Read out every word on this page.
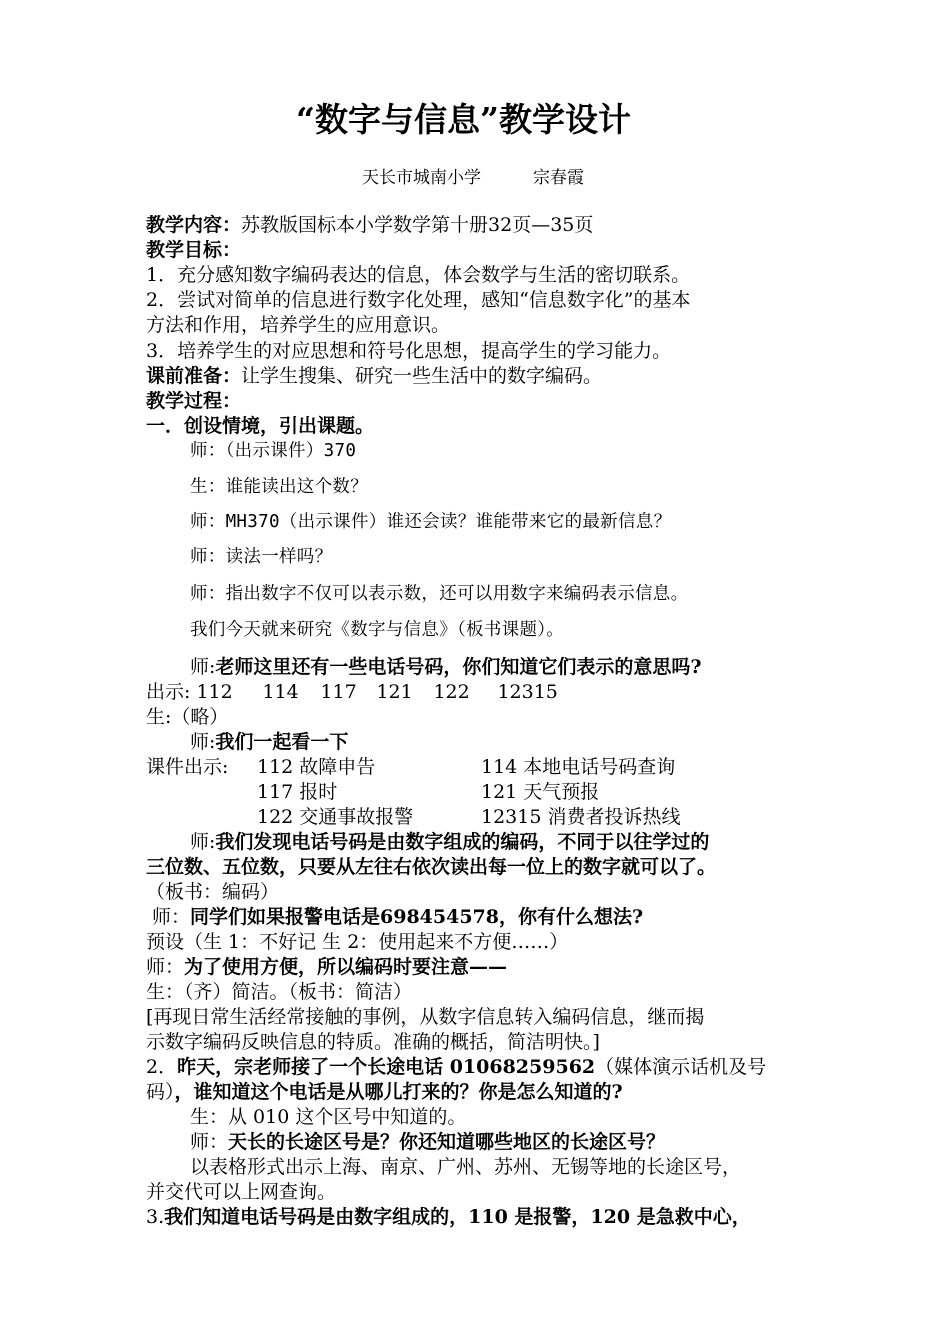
“数字与信息”教学设计
天长市城南小学	宗春霞
教学内容：苏教版国标本小学数学第十册32页—35页
教学目标：
1．充分感知数字编码表达的信息，体会数学与生活的密切联系。
2．尝试对简单的信息进行数字化处理，感知“信息数字化”的基本
方法和作用，培养学生的应用意识。
3．培养学生的对应思想和符号化思想，提高学生的学习能力。
课前准备：让学生搜集、研究一些生活中的数字编码。
教学过程：
一．创设情境，引出课题。
师：（出示课件）370
生：谁能读出这个数？
师：MH370（出示课件）谁还会读？谁能带来它的最新信息？
师：读法一样吗？
师：指出数字不仅可以表示数，还可以用数字来编码表示信息。
我们今天就来研究《数字与信息》（板书课题）。
师:老师这里还有一些电话号码，你们知道它们表示的意思吗?
出示: 112 114 117 121 122 12315
生:（略）
师:我们一起看一下
课件出示: 112 故障申告	114 本地电话号码查询
117 报时	121 天气预报
122 交通事故报警	12315 消费者投诉热线
师:我们发现电话号码是由数字组成的编码，不同于以往学过的
三位数、五位数，只要从左往右依次读出每一位上的数字就可以了。
（板书：编码）
师：同学们如果报警电话是698454578，你有什么想法?
预设（生 1：不好记 生 2：使用起来不方便……）
师：为了使用方便，所以编码时要注意——
生：（齐）简洁。（板书：简洁）
[再现日常生活经常接触的事例，从数字信息转入编码信息，继而揭
示数字编码反映信息的特质。准确的概括，简洁明快。]
2．昨天，宗老师接了一个长途电话 01068259562（媒体演示话机及号
码），谁知道这个电话是从哪儿打来的？你是怎么知道的?
生：从 010 这个区号中知道的。
师：天长的长途区号是？你还知道哪些地区的长途区号？
以表格形式出示上海、南京、广州、苏州、无锡等地的长途区号，
并交代可以上网查询。
3.我们知道电话号码是由数字组成的，110 是报警，120 是急救中心，
